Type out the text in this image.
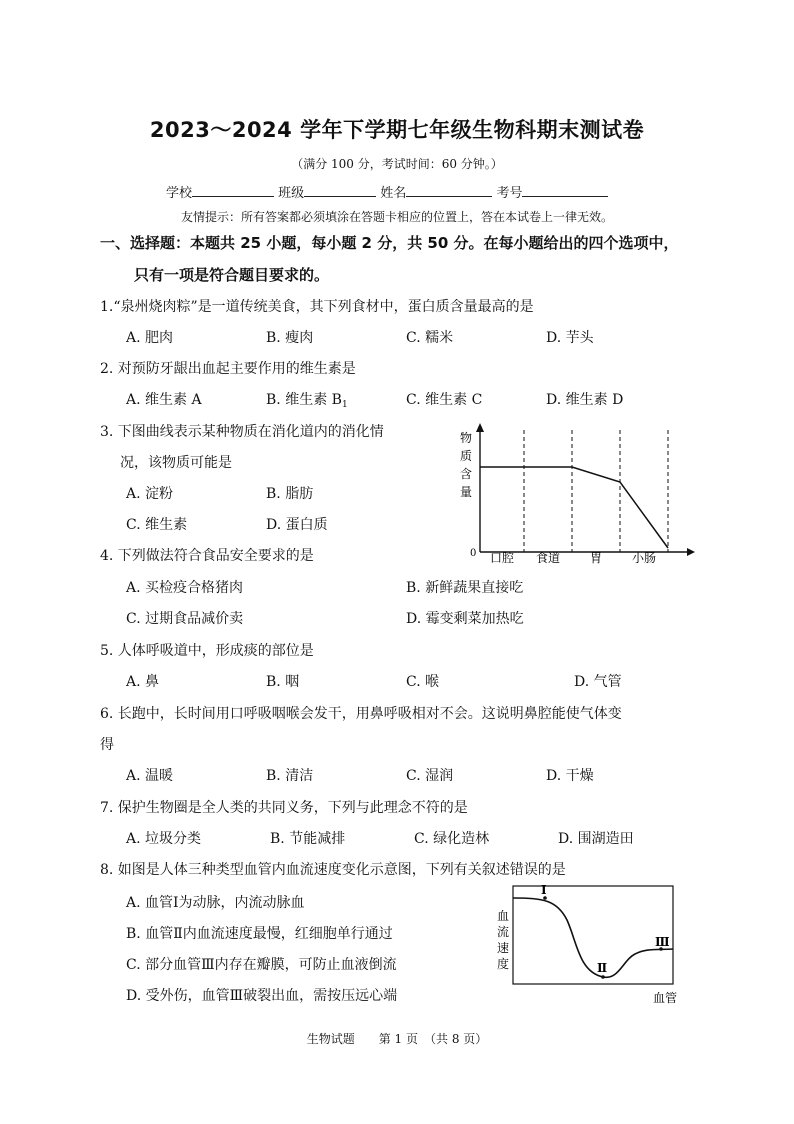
2023～2024 学年下学期七年级生物科期末测试卷
（满分 100 分，考试时间：60 分钟。）
学校	班级	姓名	考号
友情提示：所有答案都必须填涂在答题卡相应的位置上，答在本试卷上一律无效。
一、选择题：本题共 25 小题，每小题 2 分，共 50 分。在每小题给出的四个选项中，
只有一项是符合题目要求的。
1.“泉州烧肉粽”是一道传统美食，其下列食材中，蛋白质含量最高的是
A. 肥肉	B. 瘦肉	C. 糯米	D. 芋头
2. 对预防牙龈出血起主要作用的维生素是
A. 维生素 A	B. 维生素 $B_1$	C. 维生素 C	D. 维生素 D
3. 下图曲线表示某种物质在消化道内的消化情
况，该物质可能是
A. 淀粉	B. 脂肪
C. 维生素	D. 蛋白质
物
质
含
量
0 口腔 食道 胃 小肠
4. 下列做法符合食品安全要求的是
A. 买检疫合格猪肉	B. 新鲜蔬果直接吃
C. 过期食品减价卖	D. 霉变剩菜加热吃
5. 人体呼吸道中，形成痰的部位是
A. 鼻	B. 咽	C. 喉	D. 气管
6. 长跑中，长时间用口呼吸咽喉会发干，用鼻呼吸相对不会。这说明鼻腔能使气体变
得
A. 温暖	B. 清洁	C. 湿润	D. 干燥
7. 保护生物圈是全人类的共同义务，下列与此理念不符的是
A. 垃圾分类	B. 节能减排	C. 绿化造林	D. 围湖造田
8. 如图是人体三种类型血管内血流速度变化示意图，下列有关叙述错误的是
A. 血管Ⅰ为动脉，内流动脉血
B. 血管Ⅱ内血流速度最慢，红细胞单行通过
C. 部分血管Ⅲ内存在瓣膜，可防止血液倒流
D. 受外伤，血管Ⅲ破裂出血，需按压远心端
血
流
速
度
Ⅰ
Ⅱ
Ⅲ
血管
生物试题　　第 1 页　（共 8 页）
